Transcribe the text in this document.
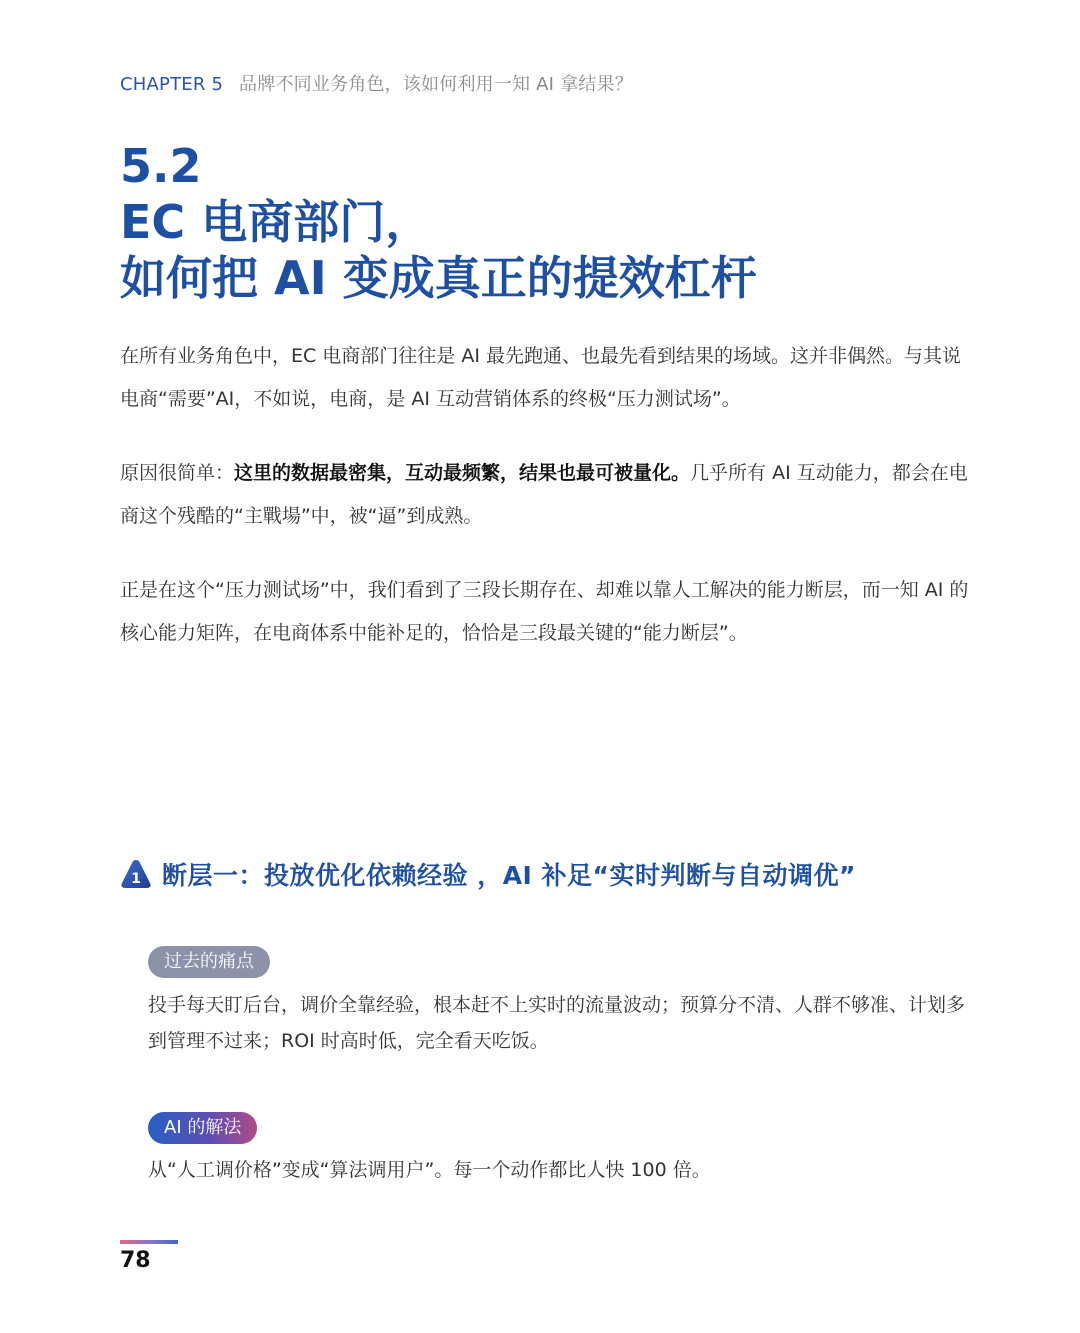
CHAPTER 5 品牌不同业务角色，该如何利用一知 AI 拿结果？
5.2
EC 电商部门，
如何把 AI 变成真正的提效杠杆

在所有业务角色中，EC 电商部门往往是 AI 最先跑通、也最先看到结果的场域。这并非偶然。与其说电商“需要”AI，不如说，电商，是 AI 互动营销体系的终极“压力测试场”。

原因很简单：这里的数据最密集，互动最频繁，结果也最可被量化。几乎所有 AI 互动能力，都会在电商这个残酷的“主戰場”中，被“逼”到成熟。

正是在这个“压力测试场”中，我们看到了三段长期存在、却难以靠人工解决的能力断层，而一知 AI 的核心能力矩阵，在电商体系中能补足的，恰恰是三段最关键的“能力断层”。

1 断层一：投放优化依赖经验 ，AI 补足“实时判断与自动调优”
过去的痛点

投手每天盯后台，调价全靠经验，根本赶不上实时的流量波动；预算分不清、人群不够准、计划多到管理不过来；ROI 时高时低，完全看天吃饭。

AI 的解法

从“人工调价格”变成“算法调用户”。每一个动作都比人快 100 倍。

78
